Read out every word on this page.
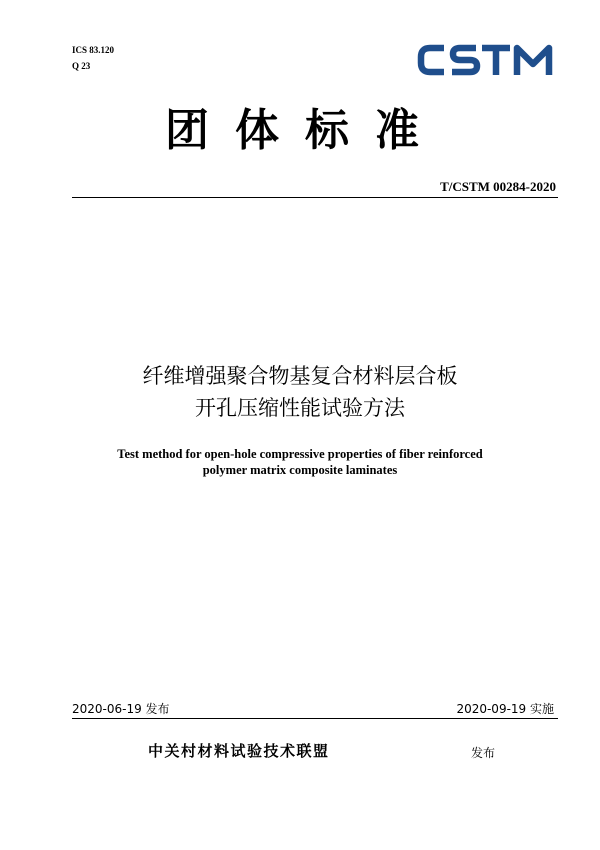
ICS 83.120
Q 23
团体标准
T/CSTM 00284-2020
纤维增强聚合物基复合材料层合板
开孔压缩性能试验方法
Test method for open-hole compressive properties of fiber reinforced
polymer matrix composite laminates
2020-06-19 发布	2020-09-19 实施
中关村材料试验技术联盟	发布
